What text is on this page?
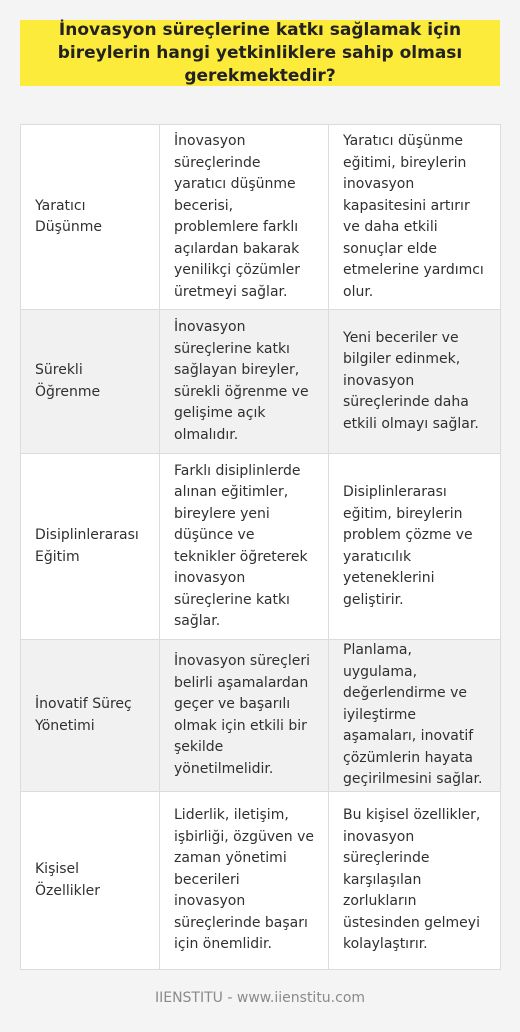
İnovasyon süreçlerine katkı sağlamak için bireylerin hangi yetkinliklere sahip olması gerekmektedir?
Yaratıcı Düşünme	İnovasyon süreçlerinde yaratıcı düşünme becerisi, problemlere farklı açılardan bakarak yenilikçi çözümler üretmeyi sağlar.	Yaratıcı düşünme eğitimi, bireylerin inovasyon kapasitesini artırır ve daha etkili sonuçlar elde etmelerine yardımcı olur.
Sürekli Öğrenme	İnovasyon süreçlerine katkı sağlayan bireyler, sürekli öğrenme ve gelişime açık olmalıdır.	Yeni beceriler ve bilgiler edinmek, inovasyon süreçlerinde daha etkili olmayı sağlar.
Disiplinlerarası Eğitim	Farklı disiplinlerde alınan eğitimler, bireylere yeni düşünce ve teknikler öğreterek inovasyon süreçlerine katkı sağlar.	Disiplinlerarası eğitim, bireylerin problem çözme ve yaratıcılık yeteneklerini geliştirir.
İnovatif Süreç Yönetimi	İnovasyon süreçleri belirli aşamalardan geçer ve başarılı olmak için etkili bir şekilde yönetilmelidir.	Planlama, uygulama, değerlendirme ve iyileştirme aşamaları, inovatif çözümlerin hayata geçirilmesini sağlar.
Kişisel Özellikler	Liderlik, iletişim, işbirliği, özgüven ve zaman yönetimi becerileri inovasyon süreçlerinde başarı için önemlidir.	Bu kişisel özellikler, inovasyon süreçlerinde karşılaşılan zorlukların üstesinden gelmeyi kolaylaştırır.
IIENSTITU - www.iienstitu.com
